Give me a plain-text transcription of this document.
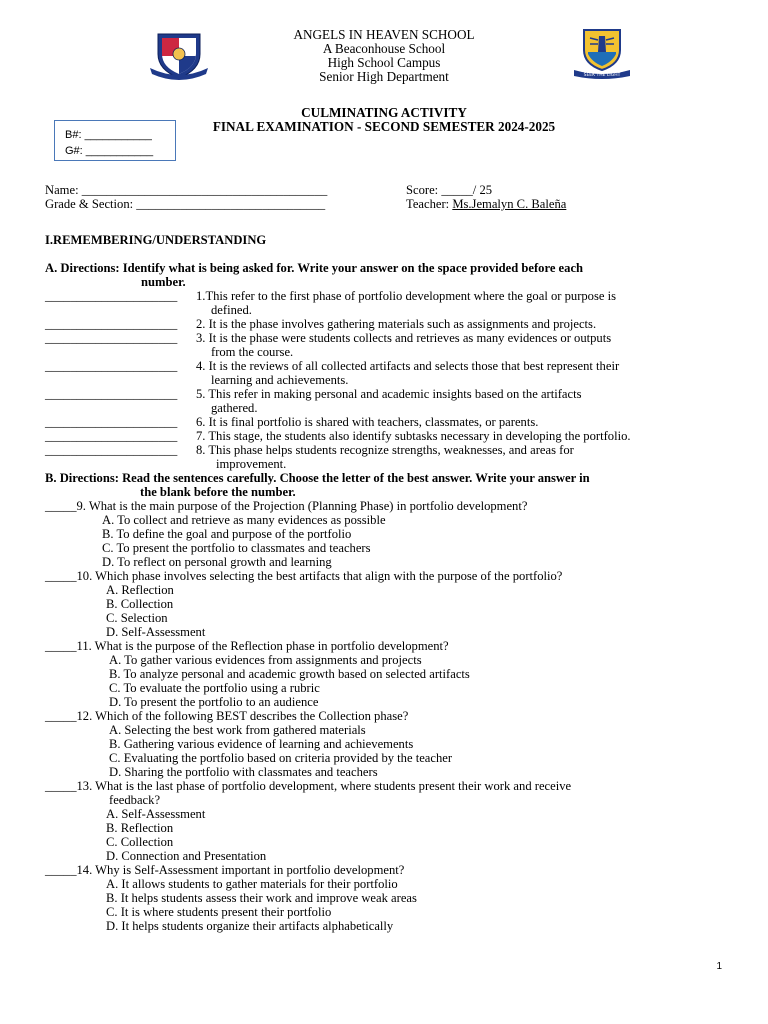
SEEK THE LIGHT
ANGELS IN HEAVEN SCHOOL
A Beaconhouse School
High School Campus
Senior High Department
CULMINATING ACTIVITY
FINAL EXAMINATION - SECOND SEMESTER 2024-2025
B#: ___________
G#: ___________
Name: _______________________________________	Score: _____/ 25
Grade & Section: ______________________________	Teacher: Ms.Jemalyn C. Baleña
I.REMEMBERING/UNDERSTANDING
A. Directions: Identify what is being asked for. Write your answer on the space provided before each
number.
_____________________ 1.This refer to the first phase of portfolio development where the goal or purpose is
defined.
_____________________ 2. It is the phase involves gathering materials such as assignments and projects.
_____________________ 3. It is the phase were students collects and retrieves as many evidences or outputs
from the course.
_____________________ 4. It is the reviews of all collected artifacts and selects those that best represent their
learning and achievements.
_____________________ 5. This refer in making personal and academic insights based on the artifacts
gathered.
_____________________ 6. It is final portfolio is shared with teachers, classmates, or parents.
_____________________ 7. This stage, the students also identify subtasks necessary in developing the portfolio.
_____________________ 8. This phase helps students recognize strengths, weaknesses, and areas for
improvement.
B. Directions: Read the sentences carefully. Choose the letter of the best answer. Write your answer in
the blank before the number.
_____9. What is the main purpose of the Projection (Planning Phase) in portfolio development?
A. To collect and retrieve as many evidences as possible
B. To define the goal and purpose of the portfolio
C. To present the portfolio to classmates and teachers
D. To reflect on personal growth and learning
_____10. Which phase involves selecting the best artifacts that align with the purpose of the portfolio?
A. Reflection
B. Collection
C. Selection
D. Self-Assessment
_____11. What is the purpose of the Reflection phase in portfolio development?
A. To gather various evidences from assignments and projects
B. To analyze personal and academic growth based on selected artifacts
C. To evaluate the portfolio using a rubric
D. To present the portfolio to an audience
_____12. Which of the following BEST describes the Collection phase?
A. Selecting the best work from gathered materials
B. Gathering various evidence of learning and achievements
C. Evaluating the portfolio based on criteria provided by the teacher
D. Sharing the portfolio with classmates and teachers
_____13. What is the last phase of portfolio development, where students present their work and receive
feedback?
A. Self-Assessment
B. Reflection
C. Collection
D. Connection and Presentation
_____14. Why is Self-Assessment important in portfolio development?
A. It allows students to gather materials for their portfolio
B. It helps students assess their work and improve weak areas
C. It is where students present their portfolio
D. It helps students organize their artifacts alphabetically
1
